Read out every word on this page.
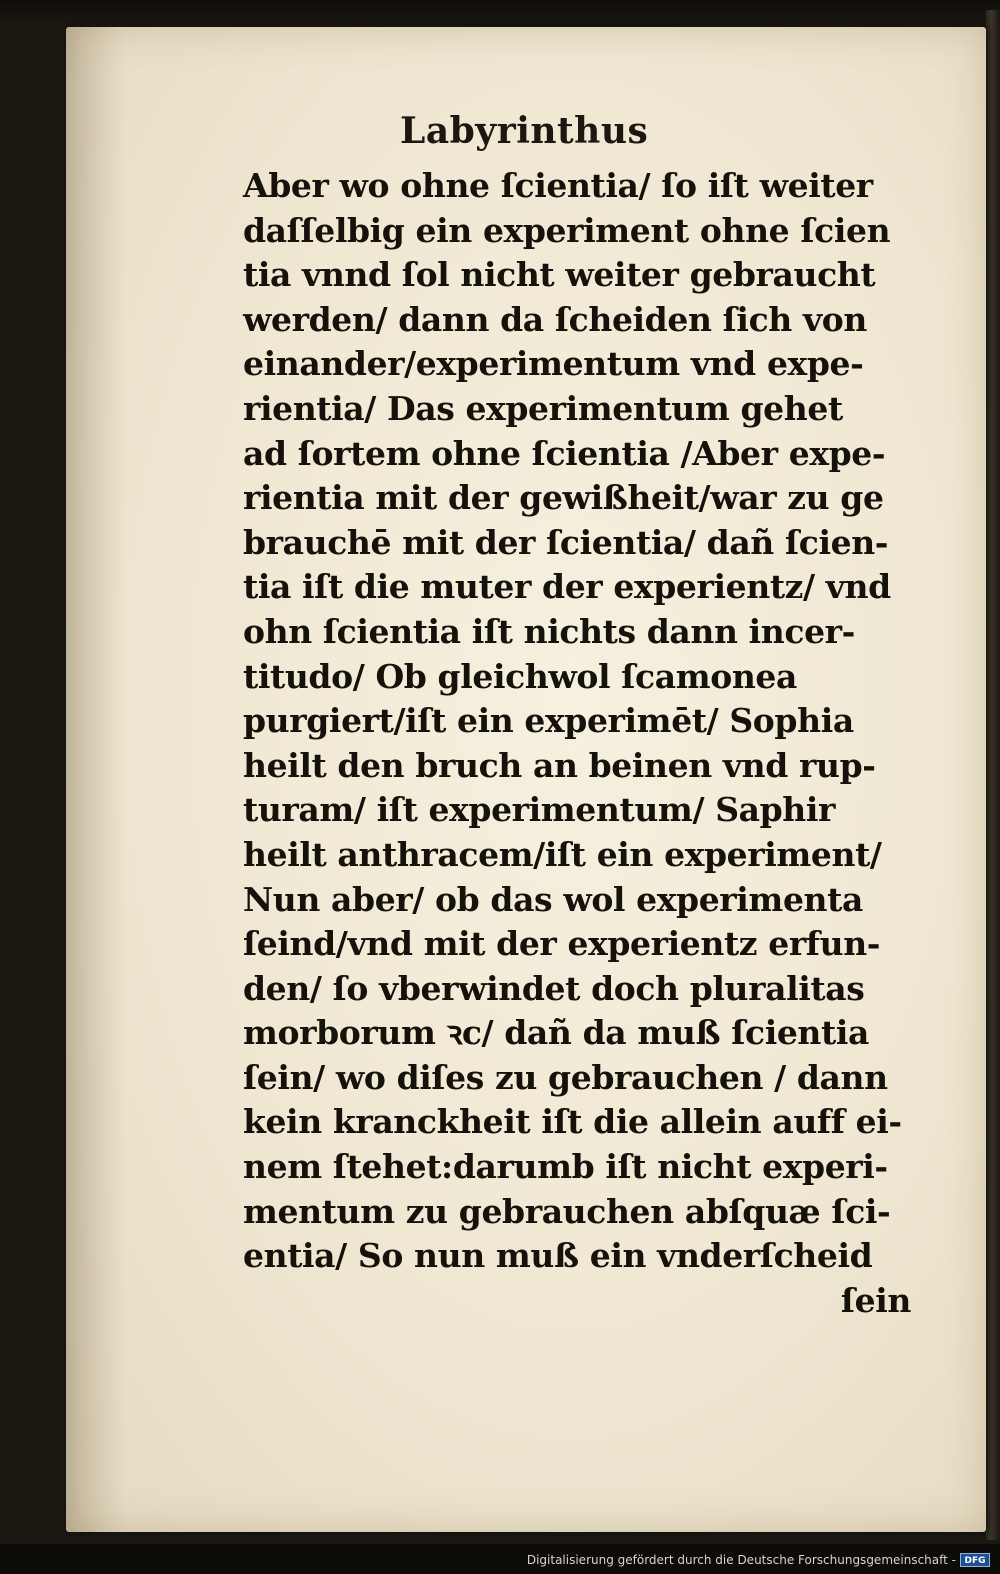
Labyrinthus
Aber wo ohne ſcientia/ ſo iſt weiter
daſſelbig ein experiment ohne ſcien
tia vnnd ſol nicht weiter gebraucht
werden/ dann da ſcheiden ſich von
einander/experimentum vnd expe-
rientia/ Das experimentum gehet
ad ſortem ohne ſcientia /Aber expe-
rientia mit der gewißheit/war zu ge
brauchē mit der ſcientia/ dañ ſcien-
tia iſt die muter der experientz/ vnd
ohn ſcientia iſt nichts dann incer-
titudo/ Ob gleichwol ſcamonea
purgiert/iſt ein experimēt/ Sophia
heilt den bruch an beinen vnd rup-
turam/ iſt experimentum/ Saphir
heilt anthracem/iſt ein experiment/
Nun aber/ ob das wol experimenta
ſeind/vnd mit der experientz erfun-
den/ ſo vberwindet doch pluralitas
morborum ꝛc/ dañ da muß ſcientia
ſein/ wo diſes zu gebrauchen / dann
kein kranckheit iſt die allein auff ei-
nem ſtehet:darumb iſt nicht experi-
mentum zu gebrauchen abſquæ ſci-
entia/ So nun muß ein vnderſcheid
ſein
Digitalisierung gefördert durch die Deutsche Forschungsgemeinschaft - DFG
